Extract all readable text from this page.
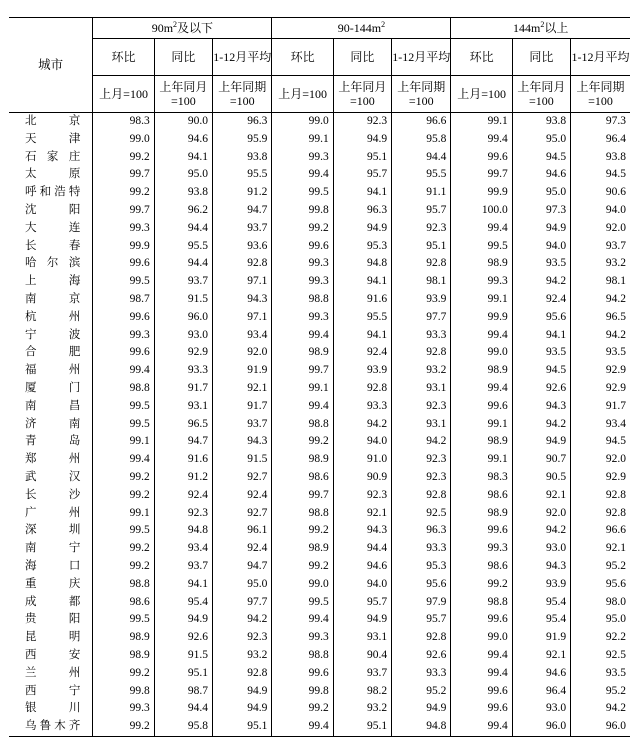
城市	$90m^2$及以下			$90-144m^2$			$144m^2$以上		
	环比	同比	1-12月平均	环比	同比	1-12月平均	环比	同比	1-12月平均
	上月=100	上年同月=100	上年同期=100	上月=100	上年同月=100	上年同期=100	上月=100	上年同月=100	上年同期=100
北京	98.3	90.0	96.3	99.0	92.3	96.6	99.1	93.8	97.3
天津	99.0	94.6	95.9	99.1	94.9	95.8	99.4	95.0	96.4
石家庄	99.2	94.1	93.8	99.3	95.1	94.4	99.6	94.5	93.8
太原	99.7	95.0	95.5	99.4	95.7	95.5	99.7	94.6	94.5
呼和浩特	99.2	93.8	91.2	99.5	94.1	91.1	99.9	95.0	90.6
沈阳	99.7	96.2	94.7	99.8	96.3	95.7	100.0	97.3	94.0
大连	99.3	94.4	93.7	99.2	94.9	92.3	99.4	94.9	92.0
长春	99.9	95.5	93.6	99.6	95.3	95.1	99.5	94.0	93.7
哈尔滨	99.6	94.4	92.8	99.3	94.8	92.8	98.9	93.5	93.2
上海	99.5	93.7	97.1	99.3	94.1	98.1	99.3	94.2	98.1
南京	98.7	91.5	94.3	98.8	91.6	93.9	99.1	92.4	94.2
杭州	99.6	96.0	97.1	99.3	95.5	97.7	99.9	95.6	96.5
宁波	99.3	93.0	93.4	99.4	94.1	93.3	99.4	94.1	94.2
合肥	99.6	92.9	92.0	98.9	92.4	92.8	99.0	93.5	93.5
福州	99.4	93.3	91.9	99.7	93.9	93.2	98.9	94.5	92.9
厦门	98.8	91.7	92.1	99.1	92.8	93.1	99.4	92.6	92.9
南昌	99.5	93.1	91.7	99.4	93.3	92.3	99.6	94.3	91.7
济南	99.5	96.5	93.7	98.8	94.2	93.1	99.1	94.2	93.4
青岛	99.1	94.7	94.3	99.2	94.0	94.2	98.9	94.9	94.5
郑州	99.4	91.6	91.5	98.9	91.0	92.3	99.1	90.7	92.0
武汉	99.2	91.2	92.7	98.6	90.9	92.3	98.3	90.5	92.9
长沙	99.2	92.4	92.4	99.7	92.3	92.8	98.6	92.1	92.8
广州	99.1	92.3	92.7	98.8	92.1	92.5	98.9	92.0	92.8
深圳	99.5	94.8	96.1	99.2	94.3	96.3	99.6	94.2	96.6
南宁	99.2	93.4	92.4	98.9	94.4	93.3	99.3	93.0	92.1
海口	99.2	93.7	94.7	99.2	94.6	95.3	98.6	94.3	95.2
重庆	98.8	94.1	95.0	99.0	94.0	95.6	99.2	93.9	95.6
成都	98.6	95.4	97.7	99.5	95.7	97.9	98.8	95.4	98.0
贵阳	99.5	94.9	94.2	99.4	94.9	95.7	99.6	95.4	95.0
昆明	98.9	92.6	92.3	99.3	93.1	92.8	99.0	91.9	92.2
西安	98.9	91.5	93.2	98.8	90.4	92.6	99.4	92.1	92.5
兰州	99.2	95.1	92.8	99.6	93.7	93.3	99.4	94.6	93.5
西宁	99.8	98.7	94.9	99.8	98.2	95.2	99.6	96.4	95.2
银川	99.3	94.4	94.9	99.2	93.2	94.9	99.6	93.0	94.2
乌鲁木齐	99.2	95.8	95.1	99.4	95.1	94.8	99.4	96.0	96.0
